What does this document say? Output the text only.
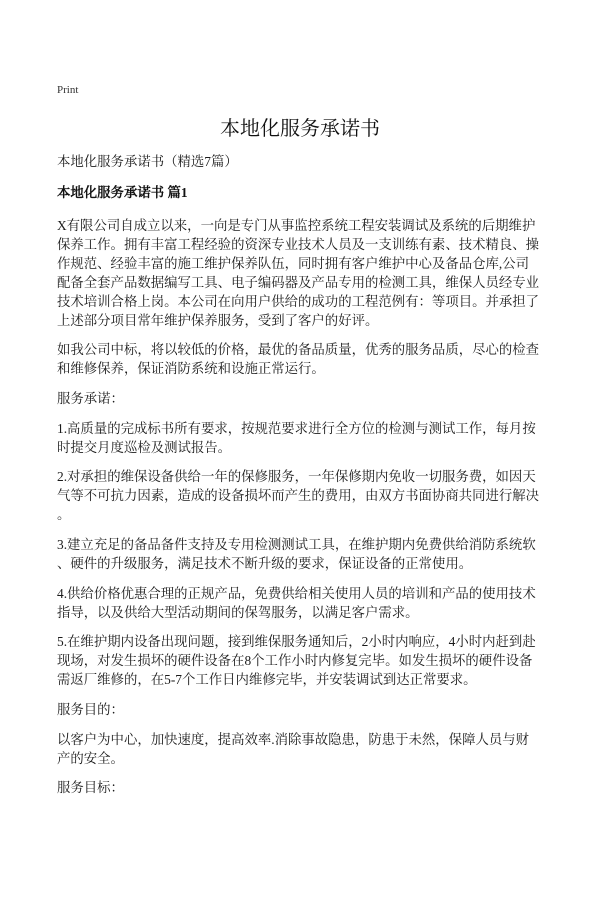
Print
本地化服务承诺书
本地化服务承诺书（精选7篇）
本地化服务承诺书 篇1
X有限公司自成立以来，一向是专门从事监控系统工程安装调试及系统的后期维护
保养工作。拥有丰富工程经验的资深专业技术人员及一支训练有素、技术精良、操
作规范、经验丰富的施工维护保养队伍，同时拥有客户维护中心及备品仓库,公司
配备全套产品数据编写工具、电子编码器及产品专用的检测工具，维保人员经专业
技术培训合格上岗。本公司在向用户供给的成功的工程范例有：等项目。并承担了
上述部分项目常年维护保养服务，受到了客户的好评。
如我公司中标，将以较低的价格，最优的备品质量，优秀的服务品质，尽心的检查
和维修保养，保证消防系统和设施正常运行。
服务承诺：
1.高质量的完成标书所有要求，按规范要求进行全方位的检测与测试工作，每月按
时提交月度巡检及测试报告。
2.对承担的维保设备供给一年的保修服务，一年保修期内免收一切服务费，如因天
气等不可抗力因素，造成的设备损坏而产生的费用，由双方书面协商共同进行解决
。
3.建立充足的备品备件支持及专用检测测试工具，在维护期内免费供给消防系统软
、硬件的升级服务，满足技术不断升级的要求，保证设备的正常使用。
4.供给价格优惠合理的正规产品，免费供给相关使用人员的培训和产品的使用技术
指导，以及供给大型活动期间的保驾服务，以满足客户需求。
5.在维护期内设备出现问题，接到维保服务通知后，2小时内响应，4小时内赶到赴
现场，对发生损坏的硬件设备在8个工作小时内修复完毕。如发生损坏的硬件设备
需返厂维修的，在5-7个工作日内维修完毕，并安装调试到达正常要求。
服务目的：
以客户为中心，加快速度，提高效率.消除事故隐患，防患于未然，保障人员与财
产的安全。
服务目标：
